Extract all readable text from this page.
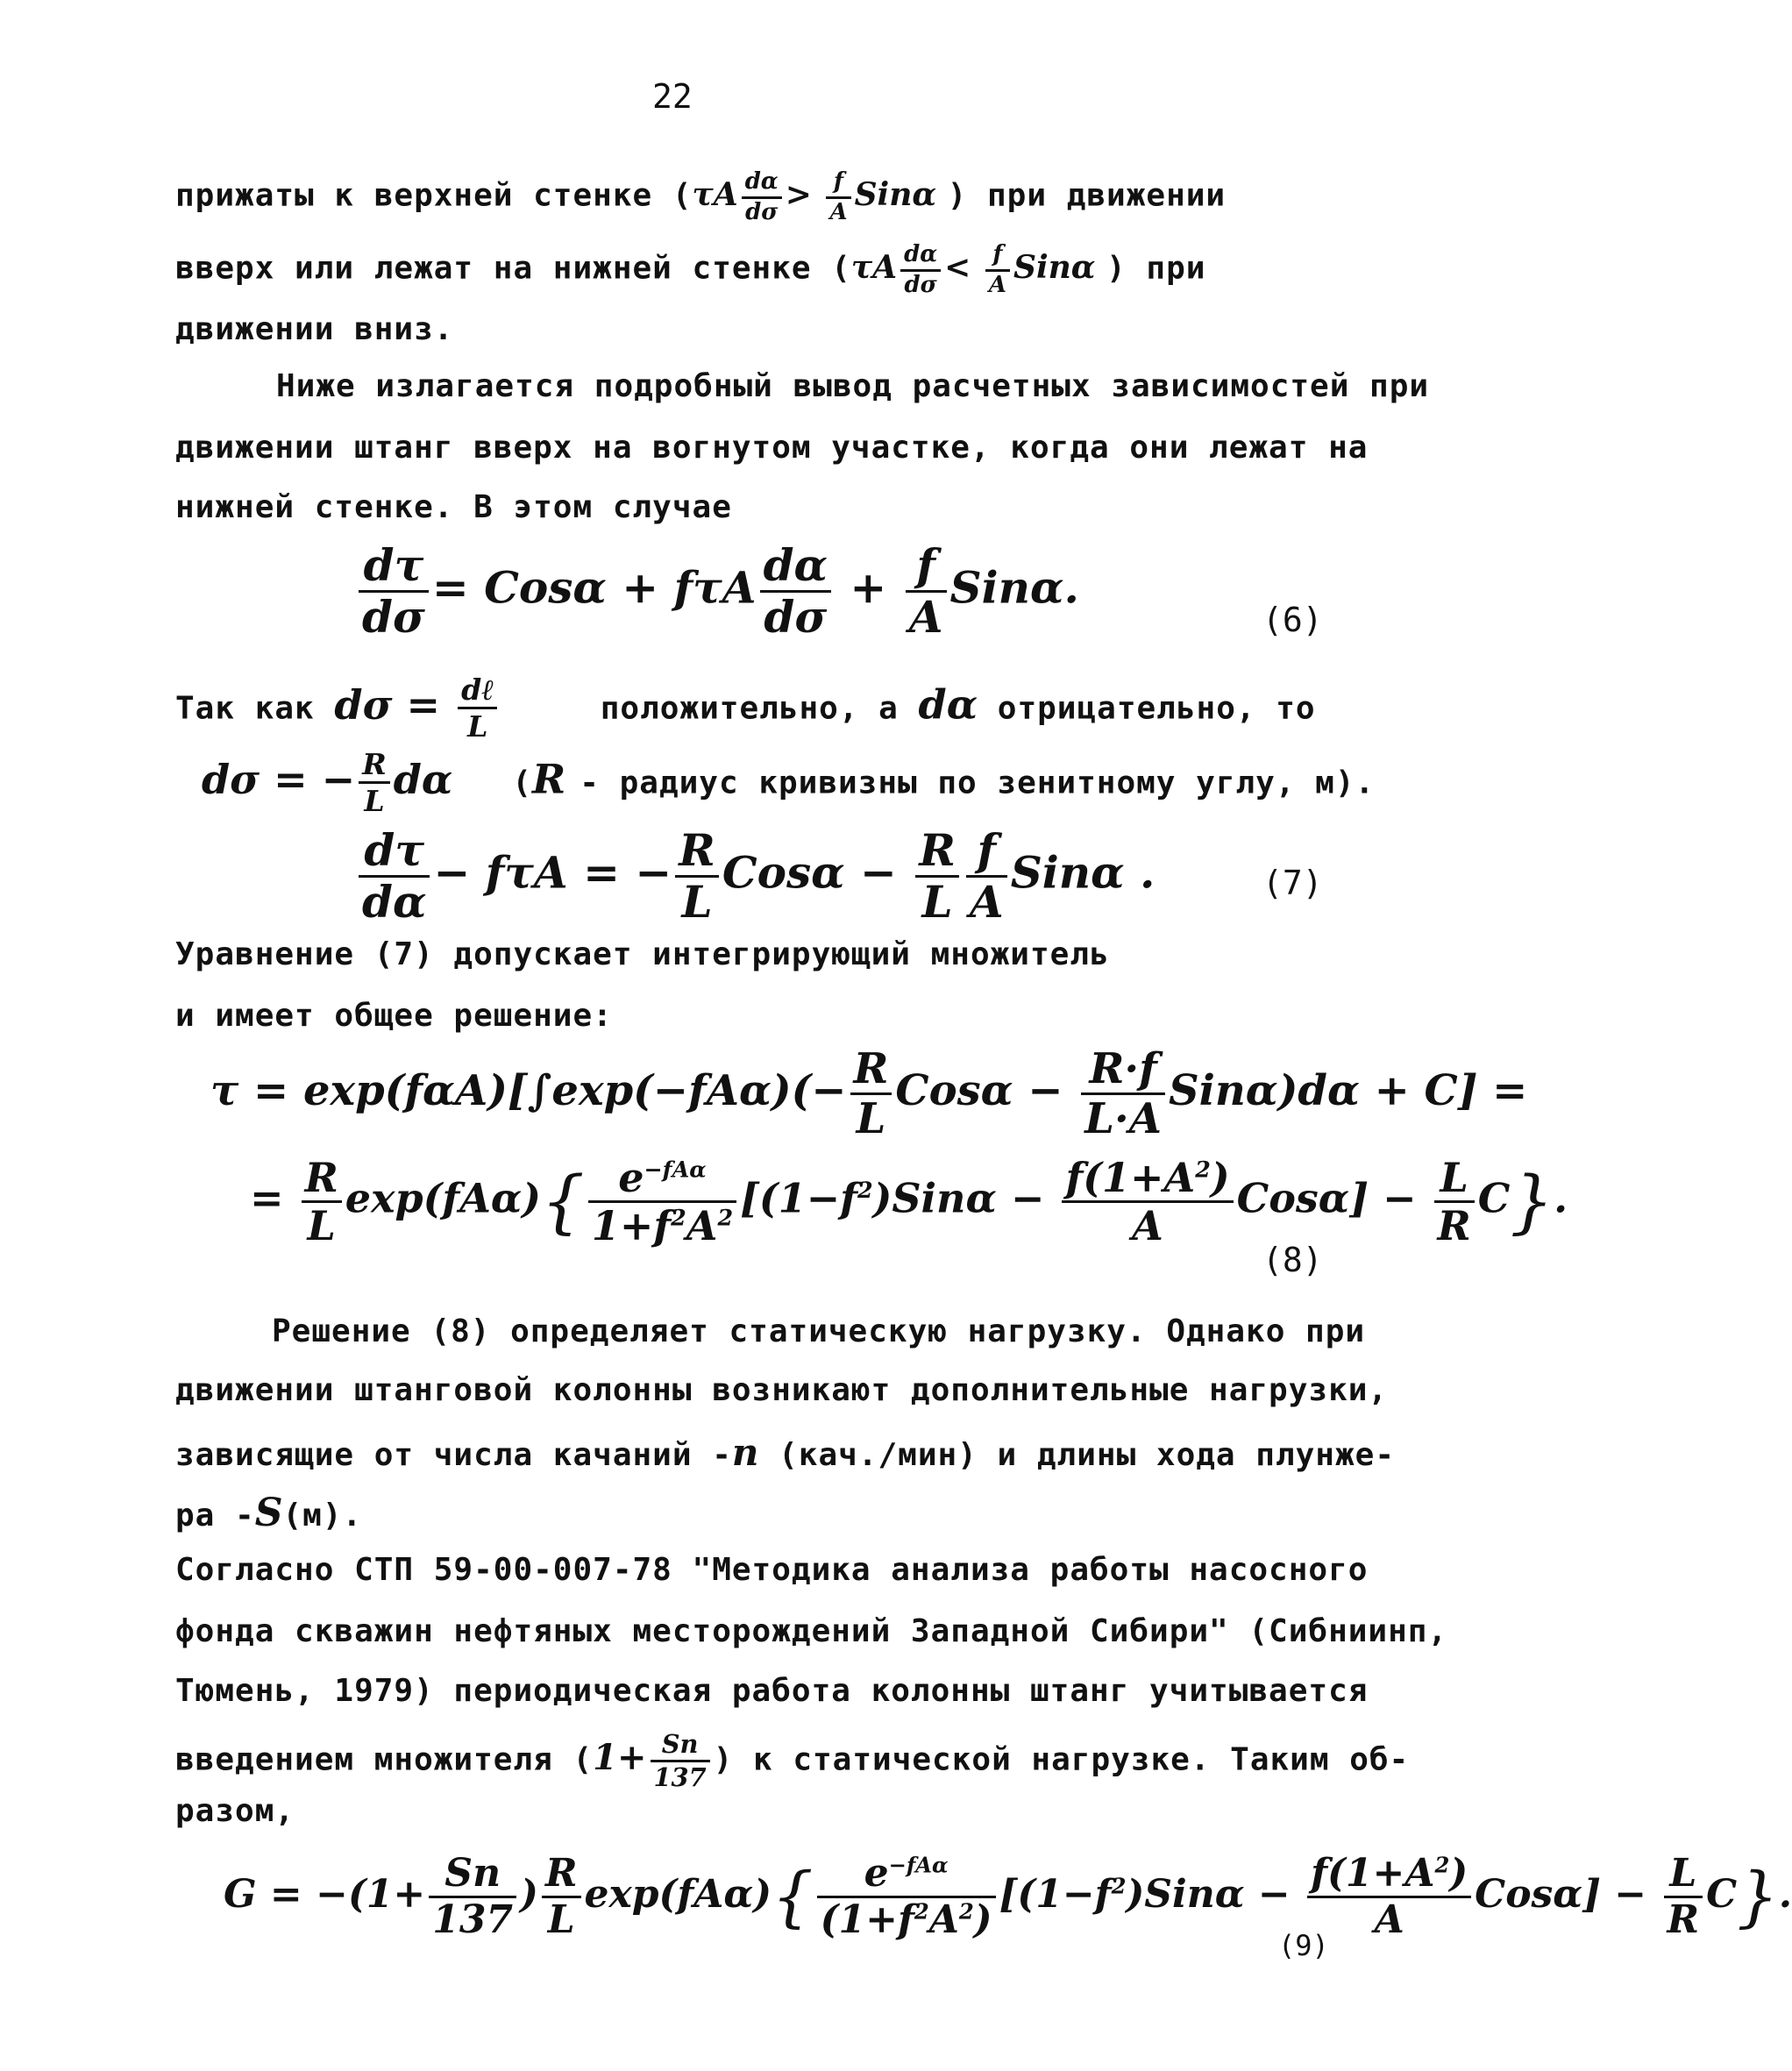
22
прижаты к верхней стенке ($\tau A \frac{d\alpha}{d\sigma} > \frac{f}{A}$ Sinα ) при движении
вверх или лежат на нижней стенке ($\tau A \frac{d\alpha}{d\sigma} < \frac{f}{A}$ Sinα ) при
движении вниз.
Ниже излагается подробный вывод расчетных зависимостей при
движении штанг вверх на вогнутом участке, когда они лежат на
нижней стенке. В этом случае
$\frac{d\tau}{d\sigma} = Cos\alpha + f\tau A \frac{d\alpha}{d\sigma} + \frac{f}{A} Sin\alpha$.
(6)
Так как dσ = dℓ
L	положительно, а dα отрицательно, то
dσ = − $\frac{R}{L}$ dα   (R - радиус кривизны по зенитному углу, м).
$\frac{d\tau}{d\alpha} - f\tau A$ = − $\frac{R}{L}$ $Cos\alpha - \frac{R}{L} \frac{f}{A}$ Sinα .	(7)
Уравнение (7) допускает интегрирующий множитель
и имеет общее решение:
$\tau = \exp(f\alpha A)[\int\exp(-fA\alpha)(- \frac{R}{L}$ $Cos\alpha - \frac{R\cdot f}{L\cdot A} Sin\alpha)d\alpha + C$] =
= $\frac{R}{L} \exp(fA\alpha)${ $e^{-fA\alpha}$
$1+f^2A^2$ $[(1-f^2)Sin\alpha - \frac{f(1+A^2)}{A} Cos\alpha] - \frac{L}{R} C$}.
(8)
Решение (8) определяет статическую нагрузку. Однако при
движении штанговой колонны возникают дополнительные нагрузки,
зависящие от числа качаний -n (кач./мин) и длины хода плунже-
ра -S(м).
Согласно СТП 59-00-007-78 "Методика анализа работы насосного
фонда скважин нефтяных месторождений Западной Сибири" (Сибниинп,
Тюмень, 1979) периодическая работа колонны штанг учитывается
введением множителя ($1+ \frac{Sn}{137}$ ) к статической нагрузке. Таким об-
разом,
$G = -(1+ \frac{Sn}{137}$ ) $\frac{R}{L} \exp(fA\alpha)${	$e^{-fA\alpha}$
$(1+f^2A^2)$
$[(1-f^2)Sin\alpha - \frac{f(1+A^2)}{A} Cos\alpha] - \frac{L}{R} C$}.
(9)
